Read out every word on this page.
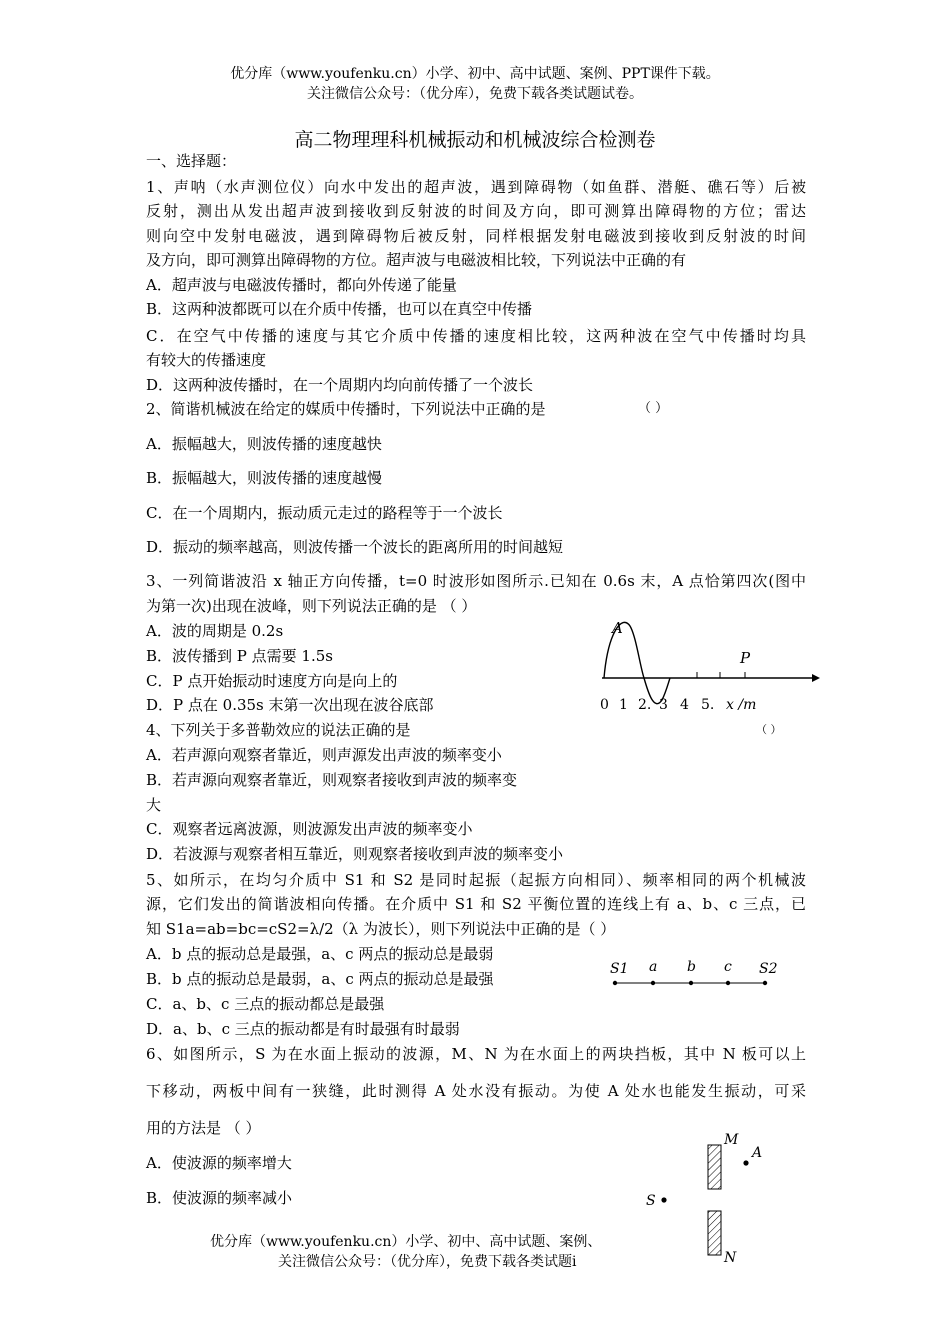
优分库（www.youfenku.cn）小学、初中、高中试题、案例、PPT课件下载。
关注微信公众号：（优分库），免费下载各类试题试卷。
高二物理理科机械振动和机械波综合检测卷
一、选择题：
1、声呐（水声测位仪）向水中发出的超声波，遇到障碍物（如鱼群、潜艇、礁石等）后被
反射，测出从发出超声波到接收到反射波的时间及方向，即可测算出障碍物的方位；雷达
则向空中发射电磁波，遇到障碍物后被反射，同样根据发射电磁波到接收到反射波的时间
及方向，即可测算出障碍物的方位。超声波与电磁波相比较，下列说法中正确的有
A．超声波与电磁波传播时，都向外传递了能量
B．这两种波都既可以在介质中传播，也可以在真空中传播
C．在空气中传播的速度与其它介质中传播的速度相比较，这两种波在空气中传播时均具
有较大的传播速度
D．这两种波传播时，在一个周期内均向前传播了一个波长
2、简谐机械波在给定的媒质中传播时，下列说法中正确的是	（ ）
A．振幅越大，则波传播的速度越快
B．振幅越大，则波传播的速度越慢
C．在一个周期内，振动质元走过的路程等于一个波长
D．振动的频率越高，则波传播一个波长的距离所用的时间越短
3、一列简谐波沿 x 轴正方向传播，t=0 时波形如图所示.已知在 0.6s 末，A 点恰第四次(图中
为第一次)出现在波峰，则下列说法正确的是 （ ）
A．波的周期是 0.2s
B．波传播到 P 点需要 1.5s
C．P 点开始振动时速度方向是向上的
D．P 点在 0.35s 末第一次出现在波谷底部
A
P
0 1 2. 3 4 5. x /m
4、下列关于多普勒效应的说法正确的是	（ ）
A．若声源向观察者靠近，则声源发出声波的频率变小
B．若声源向观察者靠近，则观察者接收到声波的频率变
大
C．观察者远离波源，则波源发出声波的频率变小
D．若波源与观察者相互靠近，则观察者接收到声波的频率变小
5、如所示，在均匀介质中 S1 和 S2 是同时起振（起振方向相同）、频率相同的两个机械波
源，它们发出的简谐波相向传播。在介质中 S1 和 S2 平衡位置的连线上有 a、b、c 三点，已
知 S1a=ab=bc=cS2=λ/2（λ 为波长），则下列说法中正确的是（ ）
A．b 点的振动总是最强，a、c 两点的振动总是最弱
B．b 点的振动总是最弱，a、c 两点的振动总是最强
C．a、b、c 三点的振动都总是最强
D．a、b、c 三点的振动都是有时最强有时最弱
S1 a b c S2
6、如图所示，S 为在水面上振动的波源，M、N 为在水面上的两块挡板，其中 N 板可以上
下移动，两板中间有一狭缝，此时测得 A 处水没有振动。为使 A 处水也能发生振动，可采
用的方法是 （ ）
A．使波源的频率增大
B．使波源的频率减小
M
A
S
N
优分库（www.youfenku.cn）小学、初中、高中试题、案例、
关注微信公众号：（优分库），免费下载各类试题i
